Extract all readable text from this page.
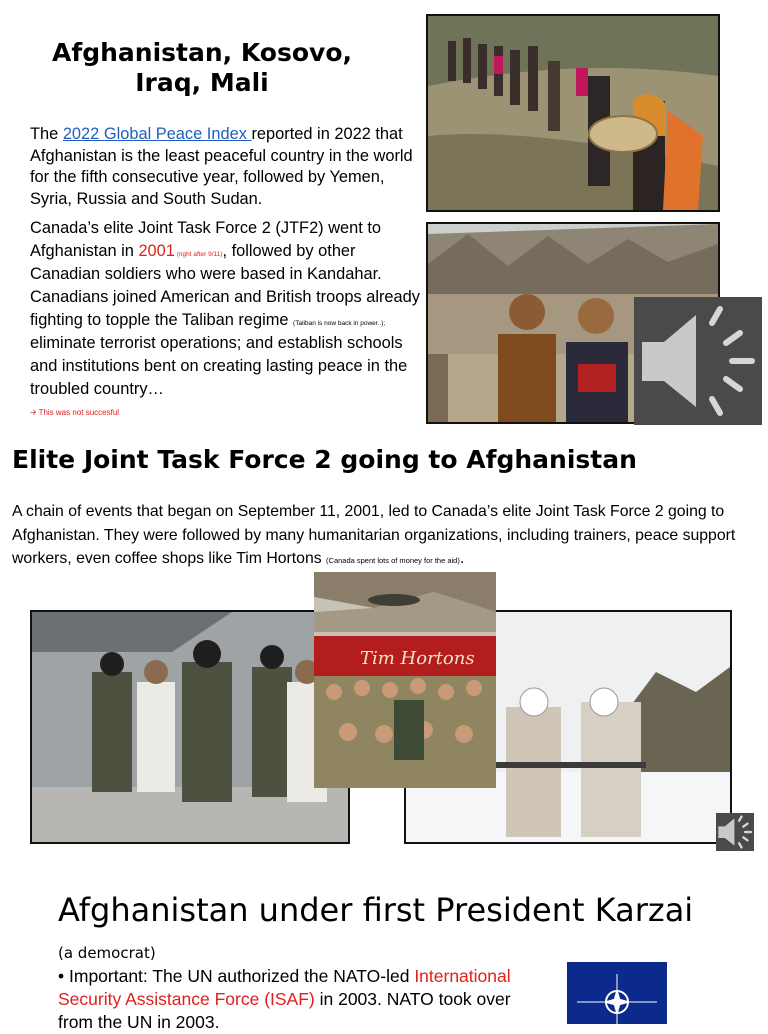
Afghanistan, Kosovo, Iraq, Mali
The 2022 Global Peace Index reported in 2022 that Afghanistan is the least peaceful country in the world for the fifth consecutive year, followed by Yemen, Syria, Russia and South Sudan.
Canada’s elite Joint Task Force 2 (JTF2) went to Afghanistan in 2001 (right after 9/11), followed by other Canadian soldiers who were based in Kandahar. Canadians joined American and British troops already fighting to topple the Taliban regime (Taliban is now back in power..); eliminate terrorist operations; and establish schools and institutions bent on creating lasting peace in the troubled country…
🡪 This was not succesful
Elite Joint Task Force 2 going to Afghanistan
A chain of events that began on September 11, 2001, led to Canada’s elite Joint Task Force 2 going to Afghanistan. They were followed by many humanitarian organizations, including trainers, peace support workers, even coffee shops like Tim Hortons (Canada spent lots of money for the aid).
Tim Hortons
Afghanistan under first President Karzai (a democrat)
• Important: The UN authorized the NATO-led International Security Assistance Force (ISAF) in 2003. NATO took over from the UN in 2003.
